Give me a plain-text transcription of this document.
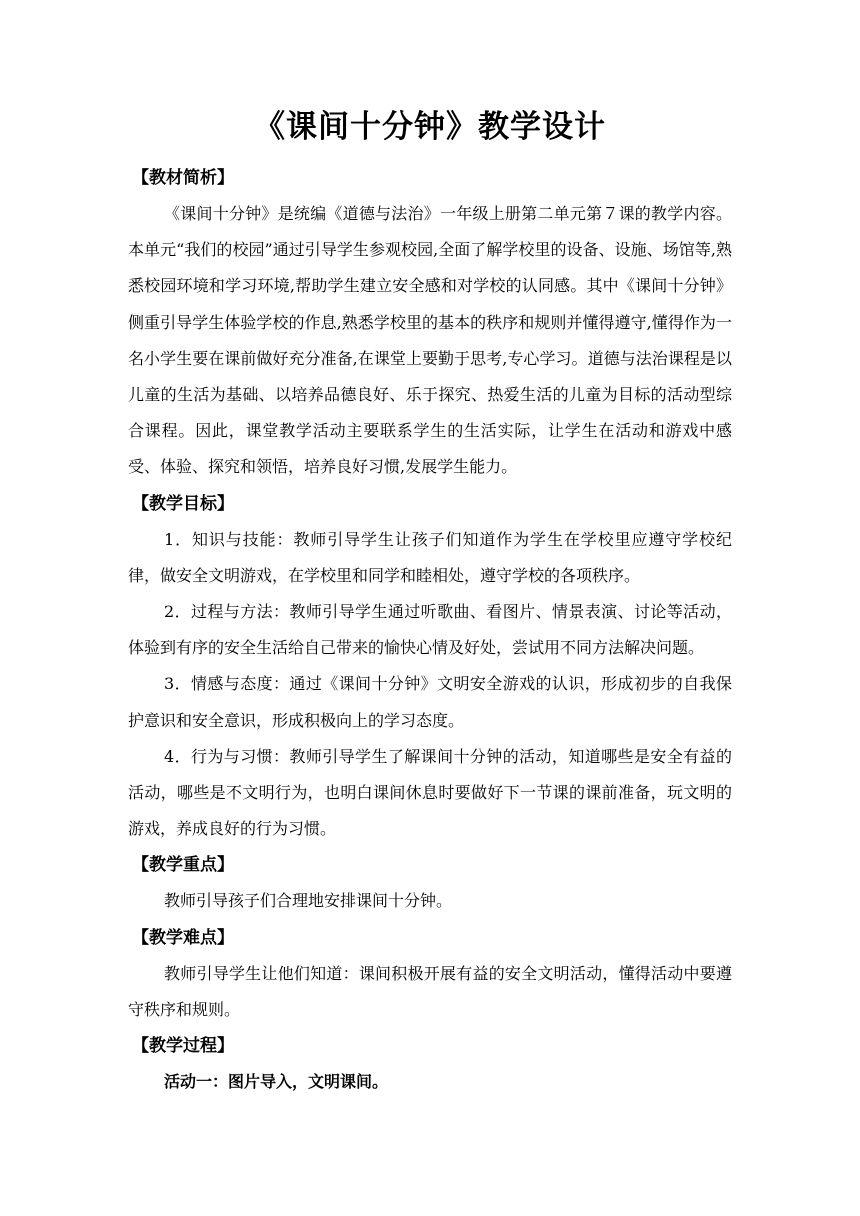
《课间十分钟》教学设计
【教材简析】

《课间十分钟》是统编《道德与法治》一年级上册第二单元第７课的教学内容。本单元“我们的校园”通过引导学生参观校园,全面了解学校里的设备、设施、场馆等,熟悉校园环境和学习环境,帮助学生建立安全感和对学校的认同感。其中《课间十分钟》侧重引导学生体验学校的作息,熟悉学校里的基本的秩序和规则并懂得遵守,懂得作为一名小学生要在课前做好充分准备,在课堂上要勤于思考,专心学习。道德与法治课程是以儿童的生活为基础、以培养品德良好、乐于探究、热爱生活的儿童为目标的活动型综合课程。因此，课堂教学活动主要联系学生的生活实际，让学生在活动和游戏中感受、体验、探究和领悟，培养良好习惯,发展学生能力。

【教学目标】

1．知识与技能：教师引导学生让孩子们知道作为学生在学校里应遵守学校纪律，做安全文明游戏，在学校里和同学和睦相处，遵守学校的各项秩序。

2．过程与方法：教师引导学生通过听歌曲、看图片、情景表演、讨论等活动，体验到有序的安全生活给自己带来的愉快心情及好处，尝试用不同方法解决问题。

3．情感与态度：通过《课间十分钟》文明安全游戏的认识，形成初步的自我保护意识和安全意识，形成积极向上的学习态度。

4．行为与习惯：教师引导学生了解课间十分钟的活动，知道哪些是安全有益的活动，哪些是不文明行为，也明白课间休息时要做好下一节课的课前准备，玩文明的游戏，养成良好的行为习惯。

【教学重点】

教师引导孩子们合理地安排课间十分钟。

【教学难点】

教师引导学生让他们知道：课间积极开展有益的安全文明活动，懂得活动中要遵守秩序和规则。

【教学过程】

活动一：图片导入，文明课间。
